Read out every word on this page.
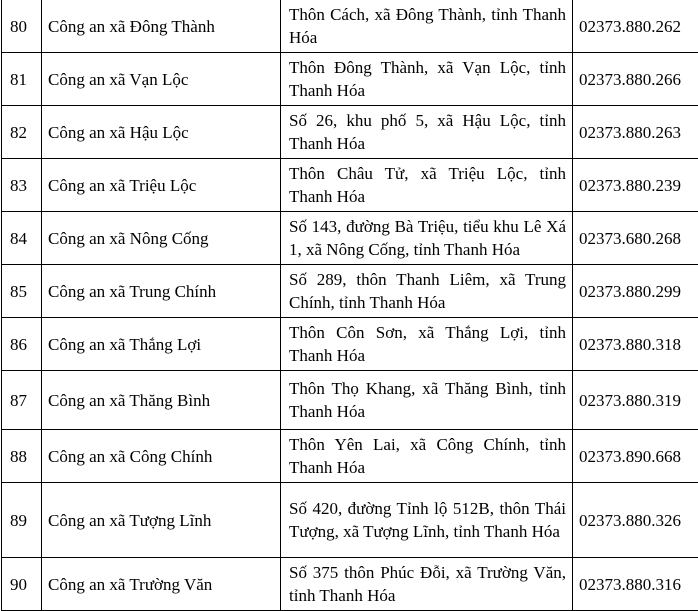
80	Công an xã Đông Thành	Thôn Cách, xã Đông Thành, tỉnh Thanh Hóa	02373.880.262
81	Công an xã Vạn Lộc	Thôn Đông Thành, xã Vạn Lộc, tỉnh Thanh Hóa	02373.880.266
82	Công an xã Hậu Lộc	Số 26, khu phố 5, xã Hậu Lộc, tỉnh Thanh Hóa	02373.880.263
83	Công an xã Triệu Lộc	Thôn Châu Tử, xã Triệu Lộc, tỉnh Thanh Hóa	02373.880.239
84	Công an xã Nông Cống	Số 143, đường Bà Triệu, tiểu khu Lê Xá 1, xã Nông Cống, tỉnh Thanh Hóa	02373.680.268
85	Công an xã Trung Chính	Số 289, thôn Thanh Liêm, xã Trung Chính, tỉnh Thanh Hóa	02373.880.299
86	Công an xã Thắng Lợi	Thôn Côn Sơn, xã Thắng Lợi, tỉnh Thanh Hóa	02373.880.318
87	Công an xã Thăng Bình	Thôn Thọ Khang, xã Thăng Bình, tỉnh Thanh Hóa	02373.880.319
88	Công an xã Công Chính	Thôn Yên Lai, xã Công Chính, tỉnh Thanh Hóa	02373.890.668
89	Công an xã Tượng Lĩnh	Số 420, đường Tỉnh lộ 512B, thôn Thái Tượng, xã Tượng Lĩnh, tỉnh Thanh Hóa	02373.880.326
90	Công an xã Trường Văn	Số 375 thôn Phúc Đỗi, xã Trường Văn, tỉnh Thanh Hóa	02373.880.316
